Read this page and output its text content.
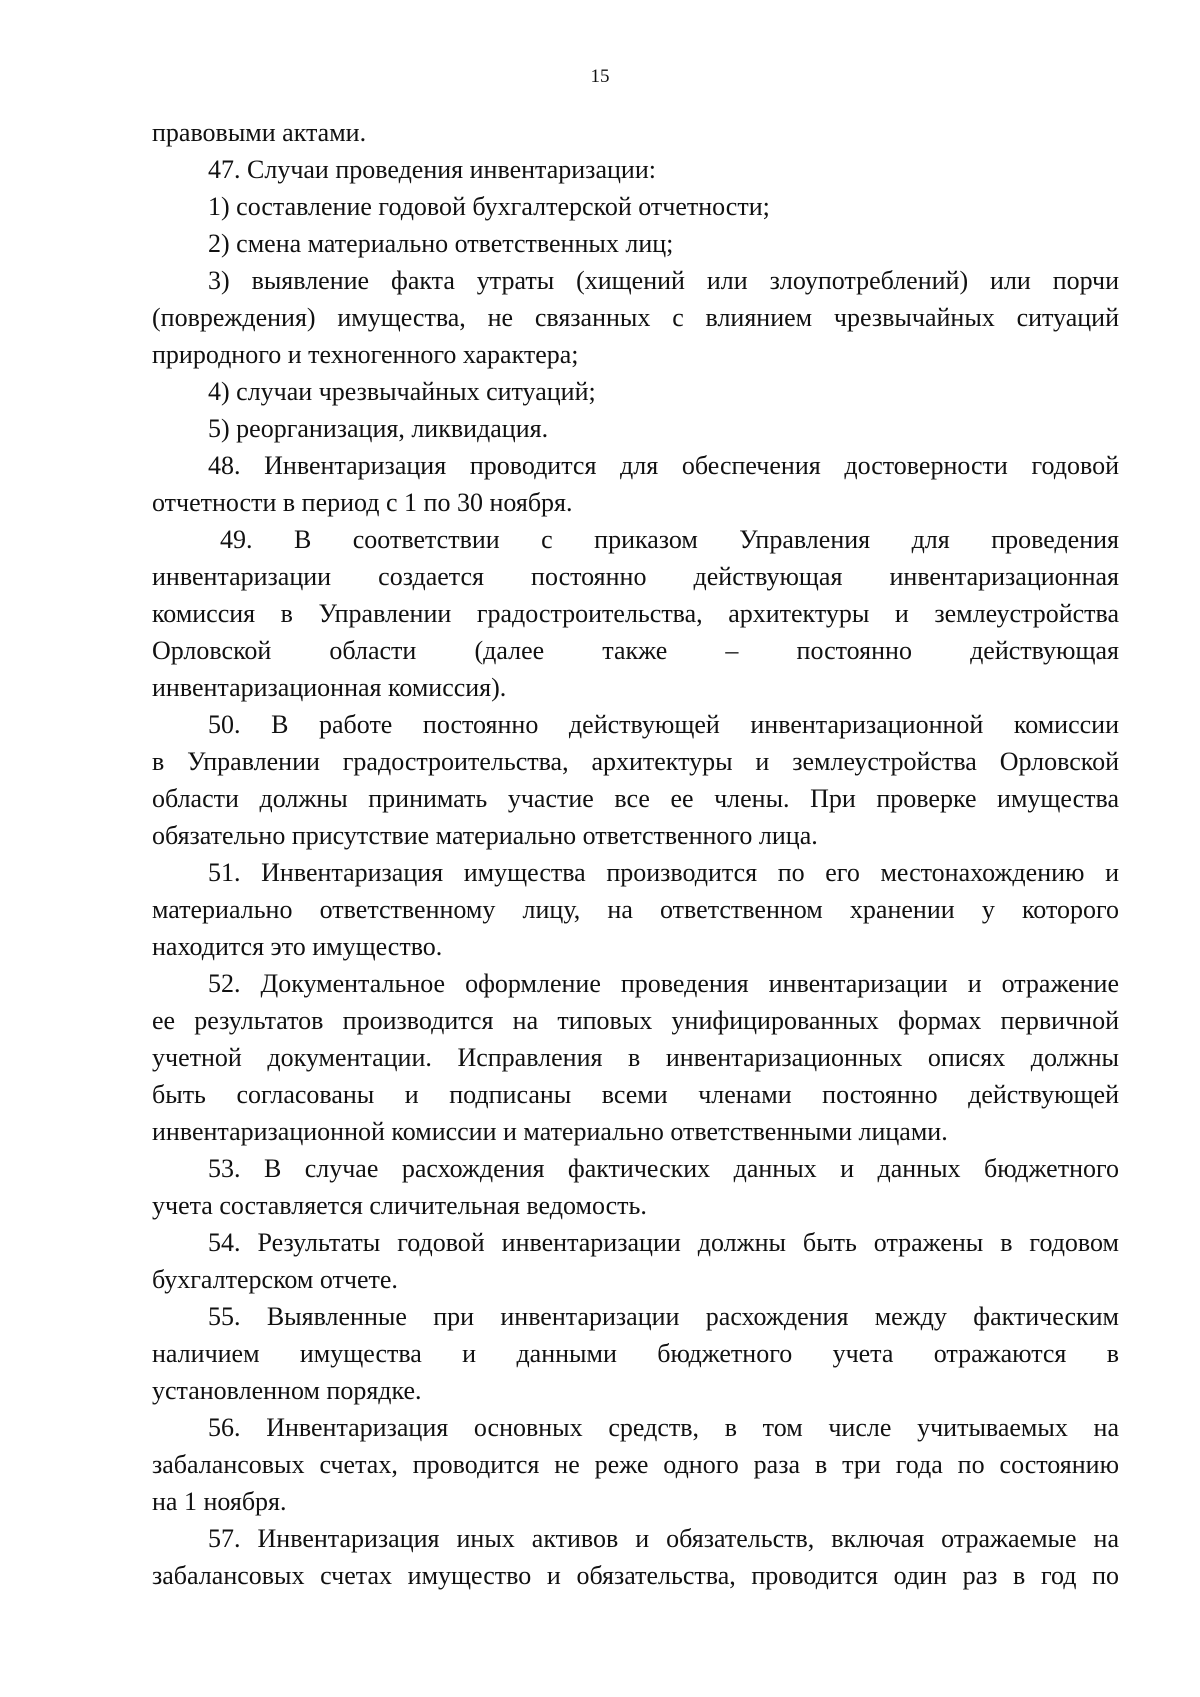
15
правовыми актами.
47. Случаи проведения инвентаризации:
1) составление годовой бухгалтерской отчетности;
2) смена материально ответственных лиц;
3) выявление факта утраты (хищений или злоупотреблений) или порчи
(повреждения) имущества, не связанных с влиянием чрезвычайных ситуаций
природного и техногенного характера;
4) случаи чрезвычайных ситуаций;
5) реорганизация, ликвидация.
48. Инвентаризация проводится для обеспечения достоверности годовой
отчетности в период с 1 по 30 ноября.
49. В соответствии с приказом Управления для проведения
инвентаризации создается постоянно действующая инвентаризационная
комиссия в Управлении градостроительства, архитектуры и землеустройства
Орловской области (далее также – постоянно действующая
инвентаризационная комиссия).
50. В работе постоянно действующей инвентаризационной комиссии
в Управлении градостроительства, архитектуры и землеустройства Орловской
области должны принимать участие все ее члены. При проверке имущества
обязательно присутствие материально ответственного лица.
51. Инвентаризация имущества производится по его местонахождению и
материально ответственному лицу, на ответственном хранении у которого
находится это имущество.
52. Документальное оформление проведения инвентаризации и отражение
ее результатов производится на типовых унифицированных формах первичной
учетной документации. Исправления в инвентаризационных описях должны
быть согласованы и подписаны всеми членами постоянно действующей
инвентаризационной комиссии и материально ответственными лицами.
53. В случае расхождения фактических данных и данных бюджетного
учета составляется сличительная ведомость.
54. Результаты годовой инвентаризации должны быть отражены в годовом
бухгалтерском отчете.
55. Выявленные при инвентаризации расхождения между фактическим
наличием имущества и данными бюджетного учета отражаются в
установленном порядке.
56. Инвентаризация основных средств, в том числе учитываемых на
забалансовых счетах, проводится не реже одного раза в три года по состоянию
на 1 ноября.
57. Инвентаризация иных активов и обязательств, включая отражаемые на
забалансовых счетах имущество и обязательства, проводится один раз в год по
